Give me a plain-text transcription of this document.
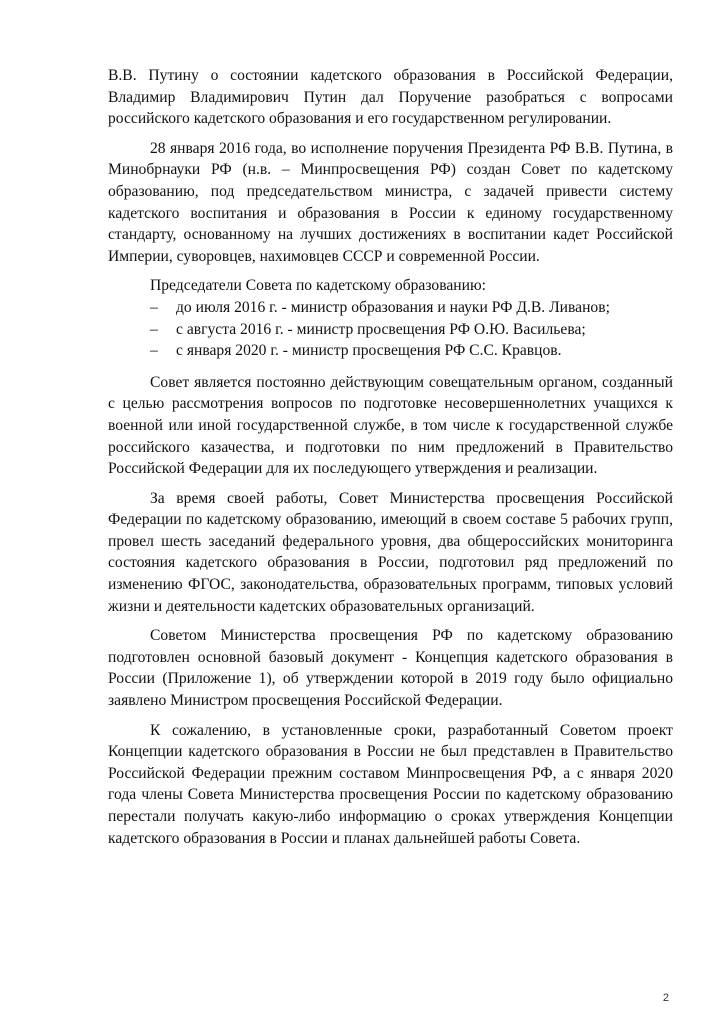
В.В. Путину о состоянии кадетского образования в Российской Федерации, Владимир Владимирович Путин дал Поручение разобраться с вопросами российского кадетского образования и его государственном регулировании.

28 января 2016 года, во исполнение поручения Президента РФ В.В. Путина, в Минобрнауки РФ (н.в. – Минпросвещения РФ) создан Совет по кадетскому образованию, под председательством министра, с задачей привести систему кадетского воспитания и образования в России к единому государственному стандарту, основанному на лучших достижениях в воспитании кадет Российской Империи, суворовцев, нахимовцев СССР и современной России.

Председатели Совета по кадетскому образованию:

– до июля 2016 г. - министр образования и науки РФ Д.В. Ливанов;
– с августа 2016 г. - министр просвещения РФ О.Ю. Васильева;
– с января 2020 г. - министр просвещения РФ С.С. Кравцов.

Совет является постоянно действующим совещательным органом, созданный с целью рассмотрения вопросов по подготовке несовершеннолетних учащихся к военной или иной государственной службе, в том числе к государственной службе российского казачества, и подготовки по ним предложений в Правительство Российской Федерации для их последующего утверждения и реализации.

За время своей работы, Совет Министерства просвещения Российской Федерации по кадетскому образованию, имеющий в своем составе 5 рабочих групп, провел шесть заседаний федерального уровня, два общероссийских мониторинга состояния кадетского образования в России, подготовил ряд предложений по изменению ФГОС, законодательства, образовательных программ, типовых условий жизни и деятельности кадетских образовательных организаций.

Советом Министерства просвещения РФ по кадетскому образованию подготовлен основной базовый документ - Концепция кадетского образования в России (Приложение 1), об утверждении которой в 2019 году было официально заявлено Министром просвещения Российской Федерации.

К сожалению, в установленные сроки, разработанный Советом проект Концепции кадетского образования в России не был представлен в Правительство Российской Федерации прежним составом Минпросвещения РФ, а с января 2020 года члены Совета Министерства просвещения России по кадетскому образованию перестали получать какую-либо информацию о сроках утверждения Концепции кадетского образования в России и планах дальнейшей работы Совета.

2
